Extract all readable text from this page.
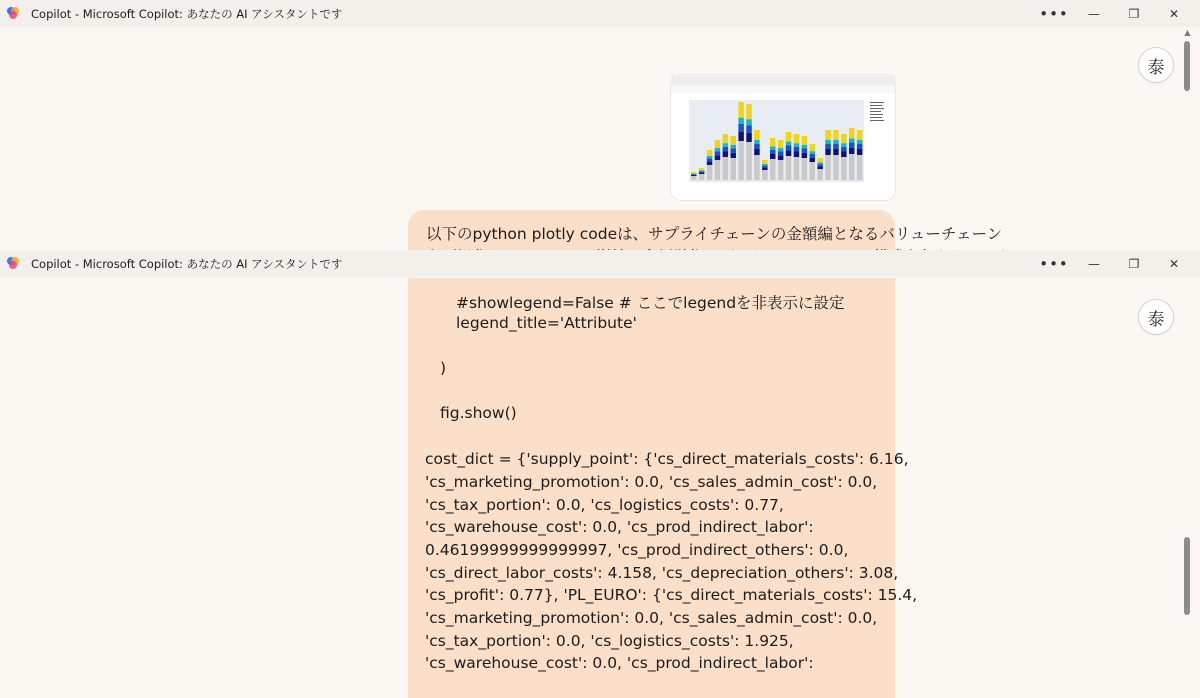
Copilot - Microsoft Copilot: あなたの AI アシスタントです	•••	—	❐	✕
泰
▲
以下のpython plotly codeは、サプライチェーンの金額編となるバリューチェーン
Copilot - Microsoft Copilot: あなたの AI アシスタントです	•••	—	❐	✕
#showlegend=False # ここでlegendを非表示に設定
legend_title='Attribute'
)
fig.show()
cost_dict = {'supply_point': {'cs_direct_materials_costs': 6.16,
'cs_marketing_promotion': 0.0, 'cs_sales_admin_cost': 0.0,
'cs_tax_portion': 0.0, 'cs_logistics_costs': 0.77,
'cs_warehouse_cost': 0.0, 'cs_prod_indirect_labor':
0.46199999999999997, 'cs_prod_indirect_others': 0.0,
'cs_direct_labor_costs': 4.158, 'cs_depreciation_others': 3.08,
'cs_profit': 0.77}, 'PL_EURO': {'cs_direct_materials_costs': 15.4,
'cs_marketing_promotion': 0.0, 'cs_sales_admin_cost': 0.0,
'cs_tax_portion': 0.0, 'cs_logistics_costs': 1.925,
'cs_warehouse_cost': 0.0, 'cs_prod_indirect_labor':
泰
